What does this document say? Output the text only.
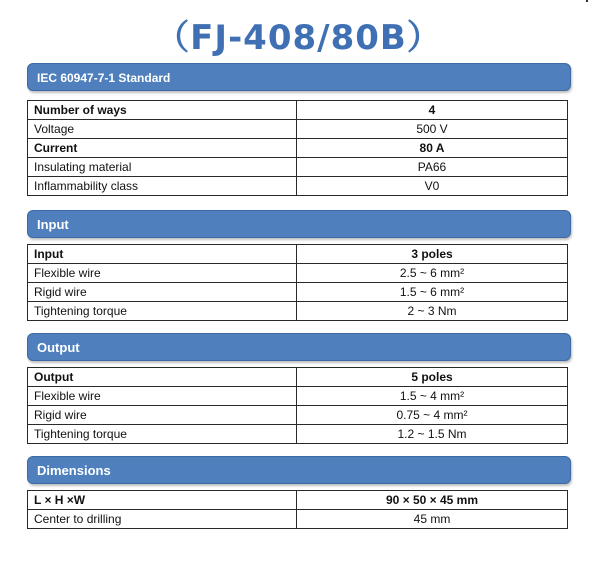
（FJ-408/80B）
IEC 60947-7-1 Standard
Number of ways	4
Voltage	500 V
Current	80 A
Insulating material	PA66
Inflammability class	V0
Input
Input	3 poles
Flexible wire	2.5 ~ 6 mm²
Rigid wire	1.5 ~ 6 mm²
Tightening torque	2 ~ 3 Nm
Output
Output	5 poles
Flexible wire	1.5 ~ 4 mm²
Rigid wire	0.75 ~ 4 mm²
Tightening torque	1.2 ~ 1.5 Nm
Dimensions
L × H ×W	90 × 50 × 45 mm
Center to drilling	45 mm
